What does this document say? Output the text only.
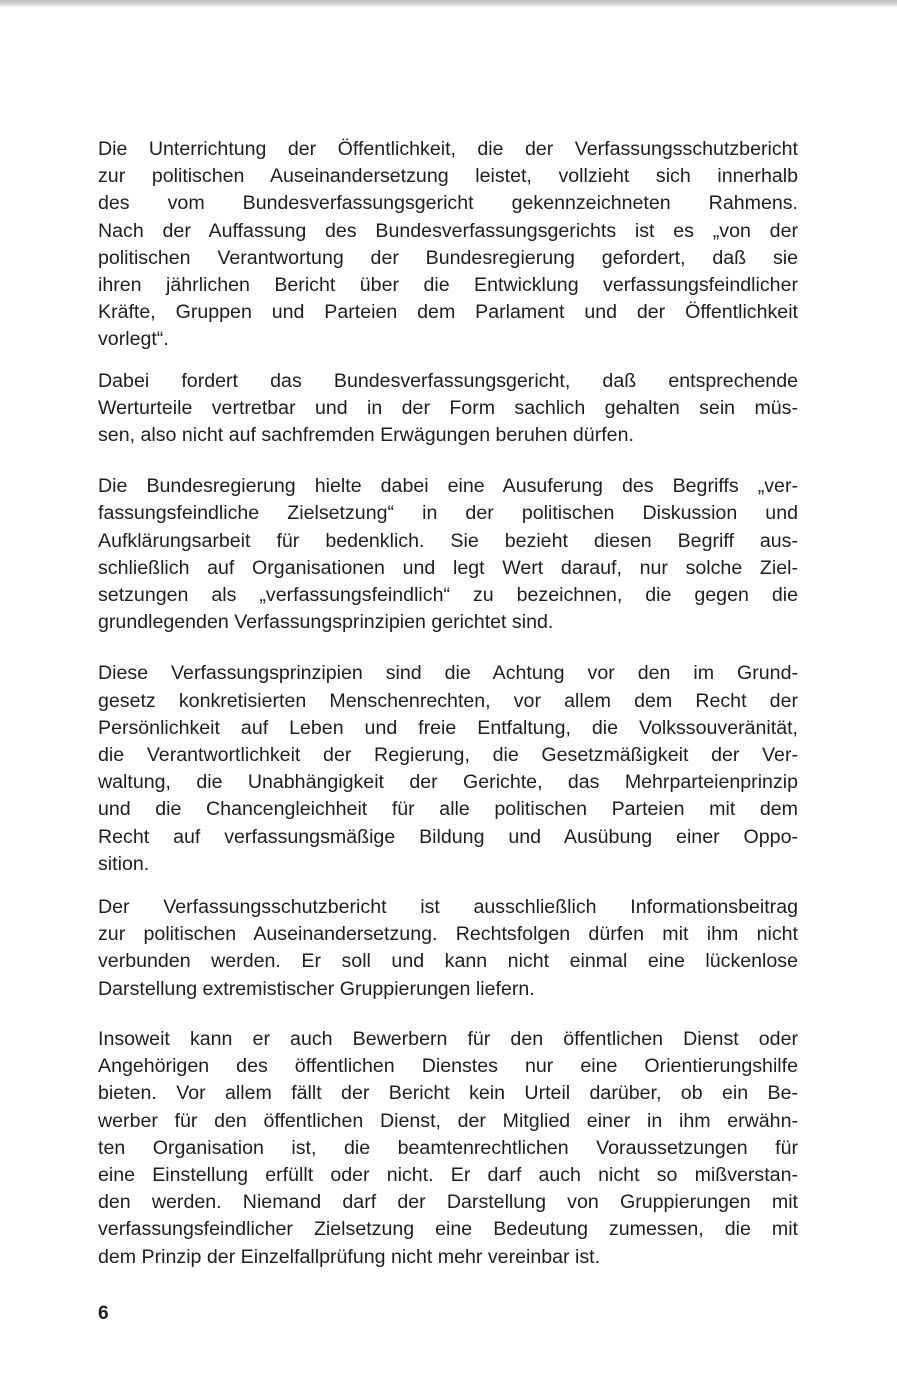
Die Unterrichtung der Öffentlichkeit, die der Verfassungsschutzbericht
zur politischen Auseinandersetzung leistet, vollzieht sich innerhalb
des vom Bundesverfassungsgericht gekennzeichneten Rahmens.
Nach der Auffassung des Bundesverfassungsgerichts ist es „von der
politischen Verantwortung der Bundesregierung gefordert, daß sie
ihren jährlichen Bericht über die Entwicklung verfassungsfeindlicher
Kräfte, Gruppen und Parteien dem Parlament und der Öffentlichkeit
vorlegt“.

Dabei fordert das Bundesverfassungsgericht, daß entsprechende
Werturteile vertretbar und in der Form sachlich gehalten sein müs-
sen, also nicht auf sachfremden Erwägungen beruhen dürfen.

Die Bundesregierung hielte dabei eine Ausuferung des Begriffs „ver-
fassungsfeindliche Zielsetzung“ in der politischen Diskussion und
Aufklärungsarbeit für bedenklich. Sie bezieht diesen Begriff aus-
schließlich auf Organisationen und legt Wert darauf, nur solche Ziel-
setzungen als „verfassungsfeindlich“ zu bezeichnen, die gegen die
grundlegenden Verfassungsprinzipien gerichtet sind.

Diese Verfassungsprinzipien sind die Achtung vor den im Grund-
gesetz konkretisierten Menschenrechten, vor allem dem Recht der
Persönlichkeit auf Leben und freie Entfaltung, die Volkssouveränität,
die Verantwortlichkeit der Regierung, die Gesetzmäßigkeit der Ver-
waltung, die Unabhängigkeit der Gerichte, das Mehrparteienprinzip
und die Chancengleichheit für alle politischen Parteien mit dem
Recht auf verfassungsmäßige Bildung und Ausübung einer Oppo-
sition.

Der Verfassungsschutzbericht ist ausschließlich Informationsbeitrag
zur politischen Auseinandersetzung. Rechtsfolgen dürfen mit ihm nicht
verbunden werden. Er soll und kann nicht einmal eine lückenlose
Darstellung extremistischer Gruppierungen liefern.

Insoweit kann er auch Bewerbern für den öffentlichen Dienst oder
Angehörigen des öffentlichen Dienstes nur eine Orientierungshilfe
bieten. Vor allem fällt der Bericht kein Urteil darüber, ob ein Be-
werber für den öffentlichen Dienst, der Mitglied einer in ihm erwähn-
ten Organisation ist, die beamtenrechtlichen Voraussetzungen für
eine Einstellung erfüllt oder nicht. Er darf auch nicht so mißverstan-
den werden. Niemand darf der Darstellung von Gruppierungen mit
verfassungsfeindlicher Zielsetzung eine Bedeutung zumessen, die mit
dem Prinzip der Einzelfallprüfung nicht mehr vereinbar ist.

6
